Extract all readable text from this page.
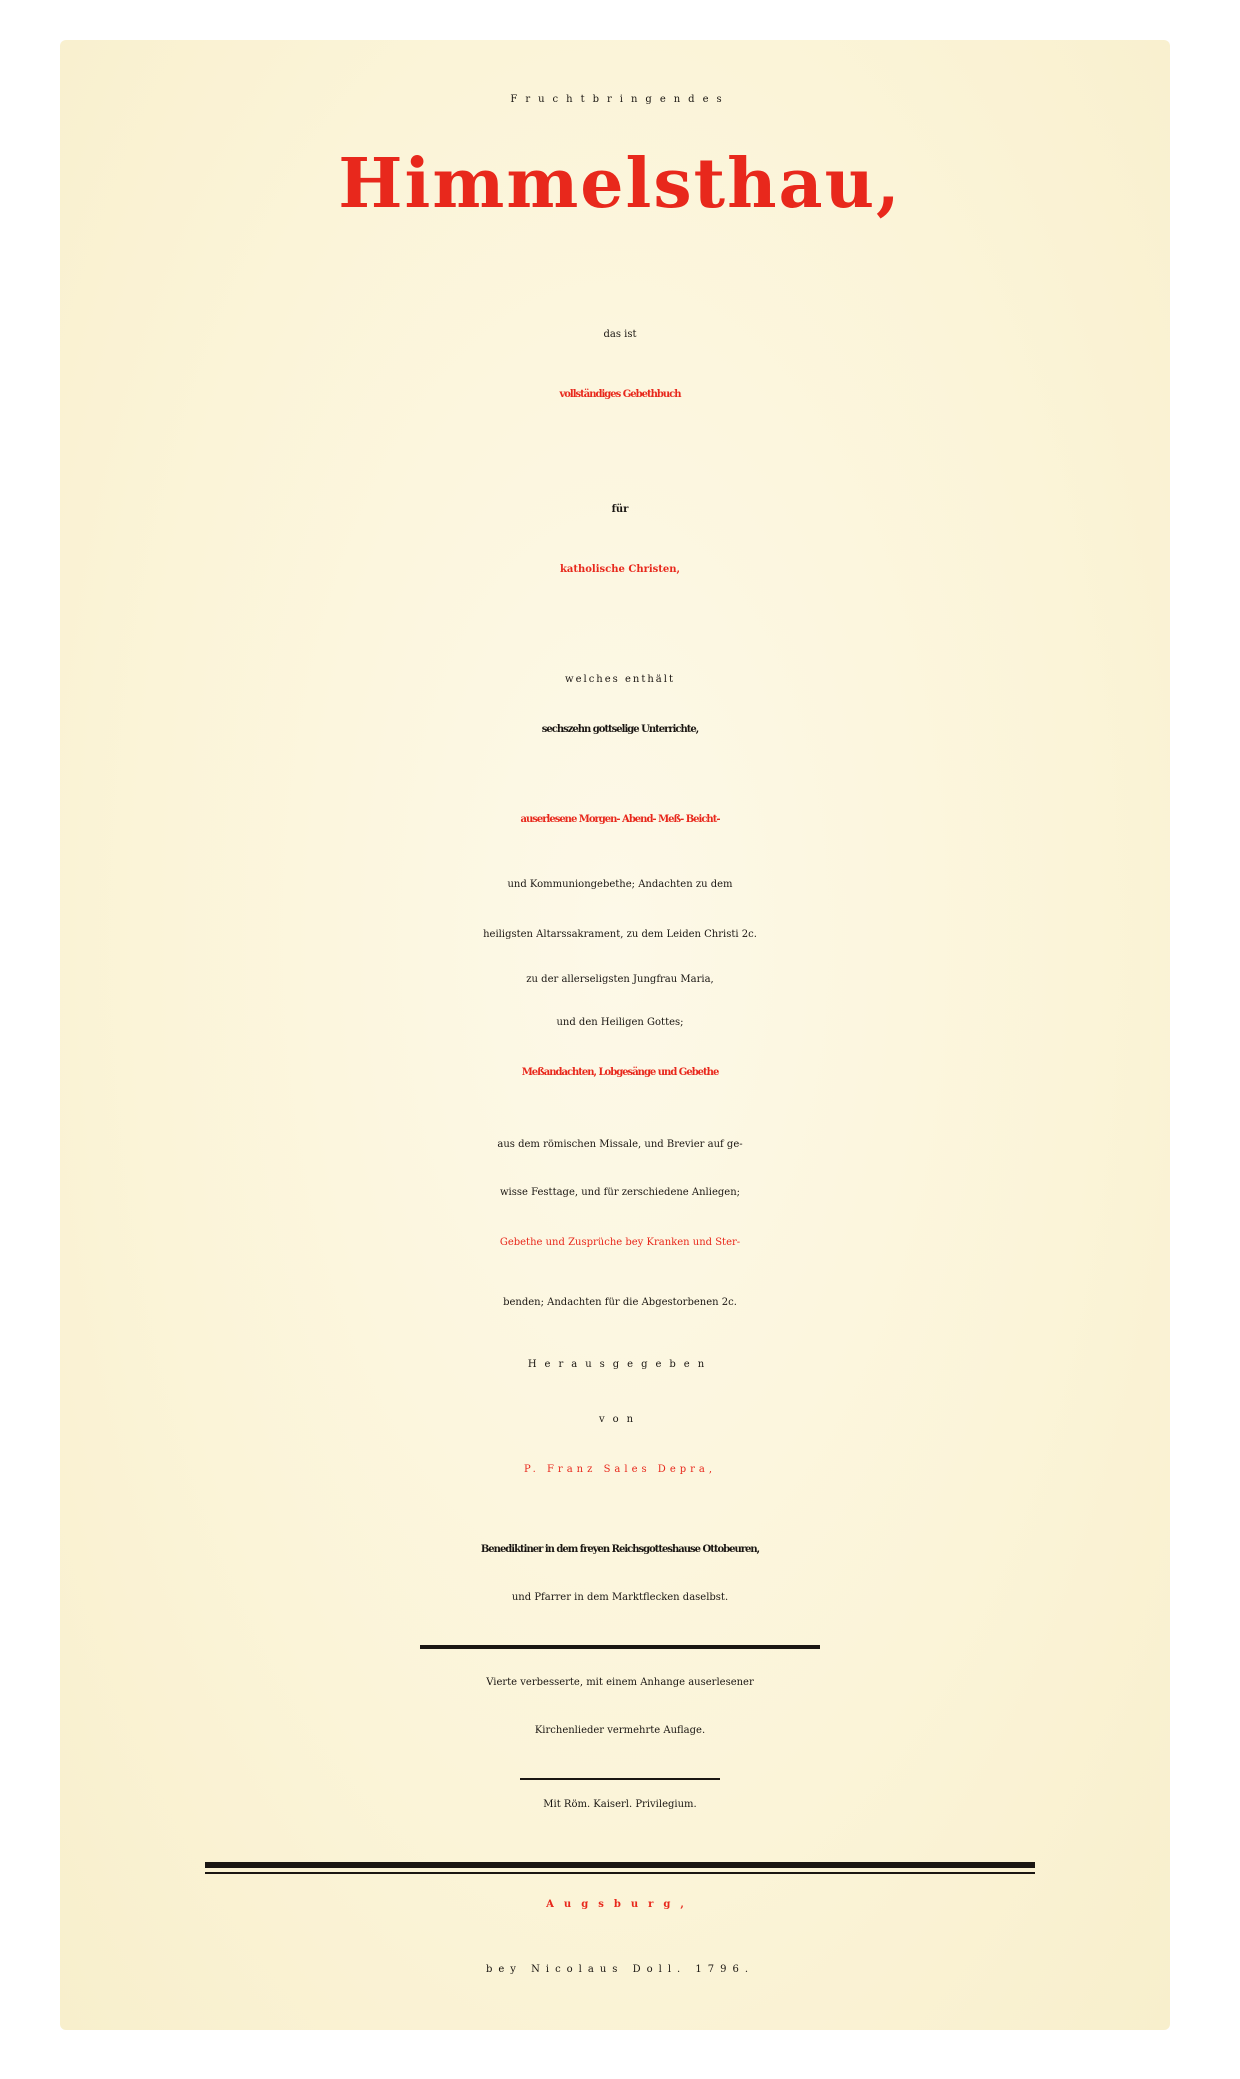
Fruchtbringendes
Himmelsthau,
das ist
vollständiges Gebethbuch
für
katholische Christen,
welches enthält
sechszehn gottselige Unterrichte,
auserlesene Morgen- Abend- Meß- Beicht-
und Kommuniongebethe; Andachten zu dem
heiligsten Altarssakrament, zu dem Leiden Christi 2c.
zu der allerseligsten Jungfrau Maria,
und den Heiligen Gottes;
Meßandachten, Lobgesänge und Gebethe
aus dem römischen Missale, und Brevier auf ge-
wisse Festtage, und für zerschiedene Anliegen;
Gebethe und Zusprüche bey Kranken und Ster-
benden; Andachten für die Abgestorbenen 2c.
Herausgegeben
von
P. Franz Sales Depra,
Benediktiner in dem freyen Reichsgotteshause Ottobeuren,
und Pfarrer in dem Marktflecken daselbst.
Vierte verbesserte, mit einem Anhange auserlesener
Kirchenlieder vermehrte Auflage.
Mit Röm. Kaiserl. Privilegium.
Augsburg,
bey Nicolaus Doll. 1796.
